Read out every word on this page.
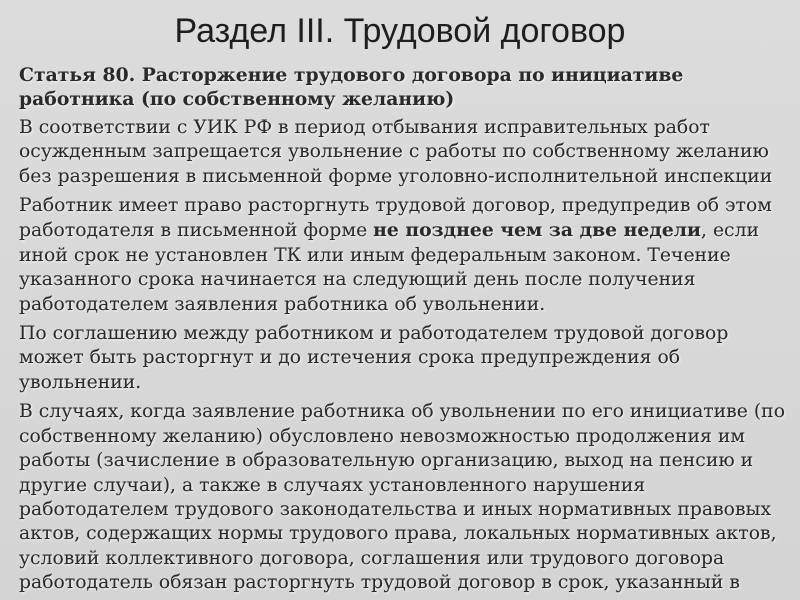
Раздел III. Трудовой договор
Статья 80. Расторжение трудового договора по инициативе работника (по собственному желанию)
В соответствии с УИК РФ в период отбывания исправительных работ осужденным запрещается увольнение с работы по собственному желанию без разрешения в письменной форме уголовно-исполнительной инспекции
Работник имеет право расторгнуть трудовой договор, предупредив об этом работодателя в письменной форме не позднее чем за две недели, если иной срок не установлен ТК или иным федеральным законом. Течение указанного срока начинается на следующий день после получения работодателем заявления работника об увольнении.
По соглашению между работником и работодателем трудовой договор может быть расторгнут и до истечения срока предупреждения об увольнении.
В случаях, когда заявление работника об увольнении по его инициативе (по собственному желанию) обусловлено невозможностью продолжения им работы (зачисление в образовательную организацию, выход на пенсию и другие случаи), а также в случаях установленного нарушения работодателем трудового законодательства и иных нормативных правовых актов, содержащих нормы трудового права, локальных нормативных актов, условий коллективного договора, соглашения или трудового договора работодатель обязан расторгнуть трудовой договор в срок, указанный в
